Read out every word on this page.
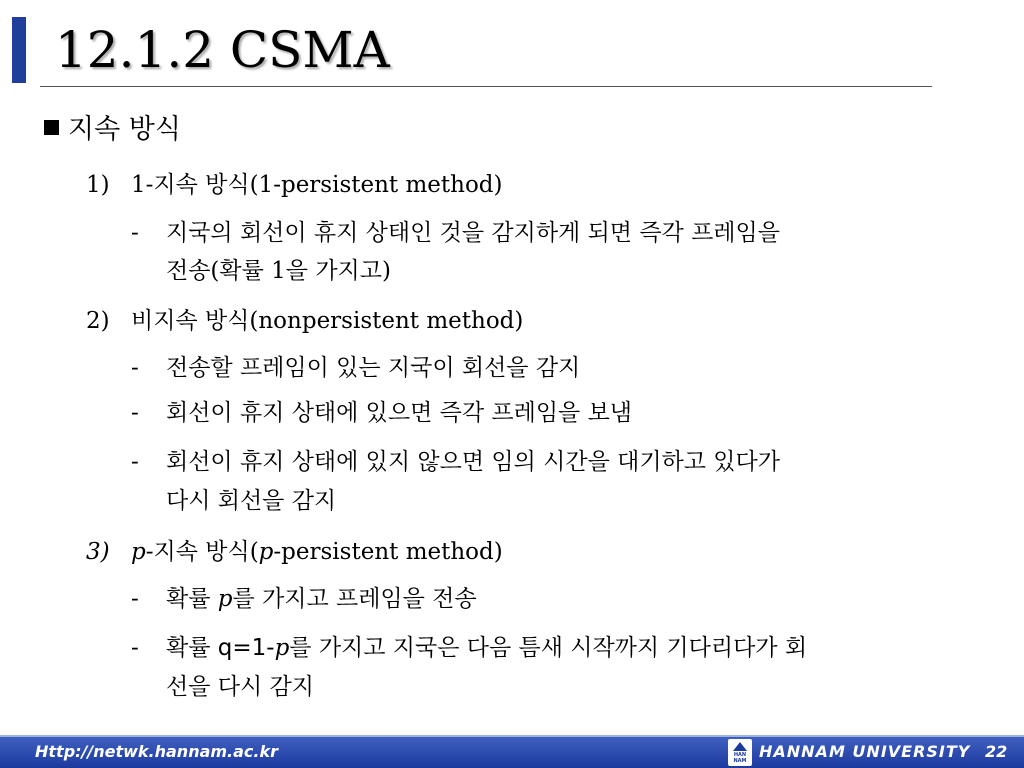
12.1.2 CSMA
지속 방식
1) 1-지속 방식(1-persistent method)
- 지국의 회선이 휴지 상태인 것을 감지하게 되면 즉각 프레임을
전송(확률 1을 가지고)
2) 비지속 방식(nonpersistent method)
- 전송할 프레임이 있는 지국이 회선을 감지
- 회선이 휴지 상태에 있으면 즉각 프레임을 보냄
- 회선이 휴지 상태에 있지 않으면 임의 시간을 대기하고 있다가
다시 회선을 감지
3) p-지속 방식(p-persistent method)
- 확률 p를 가지고 프레임을 전송
- 확률 q=1-p를 가지고 지국은 다음 틈새 시작까지 기다리다가 회
선을 다시 감지
Http://netwk.hannam.ac.kr	HAN NAM HANNAM UNIVERSITY 22
